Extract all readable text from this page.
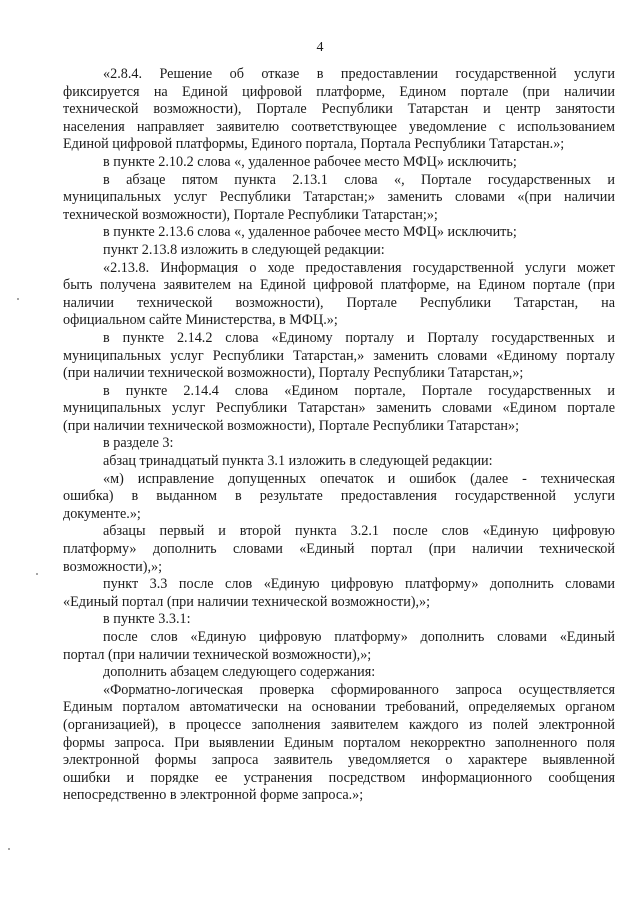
4
«2.8.4. Решение об отказе в предоставлении государственной услуги
фиксируется на Единой цифровой платформе, Едином портале (при наличии
технической возможности), Портале Республики Татарстан и центр занятости
населения направляет заявителю соответствующее уведомление с использованием
Единой цифровой платформы, Единого портала, Портала Республики Татарстан.»;
в пункте 2.10.2 слова «, удаленное рабочее место МФЦ» исключить;
в абзаце пятом пункта 2.13.1 слова «, Портале государственных и
муниципальных услуг Республики Татарстан;» заменить словами «(при наличии
технической возможности), Портале Республики Татарстан;»;
в пункте 2.13.6 слова «, удаленное рабочее место МФЦ» исключить;
пункт 2.13.8 изложить в следующей редакции:
«2.13.8. Информация о ходе предоставления государственной услуги может
быть получена заявителем на Единой цифровой платформе, на Едином портале (при
наличии технической возможности), Портале Республики Татарстан, на
официальном сайте Министерства, в МФЦ.»;
в пункте 2.14.2 слова «Единому порталу и Порталу государственных и
муниципальных услуг Республики Татарстан,» заменить словами «Единому порталу
(при наличии технической возможности), Порталу Республики Татарстан,»;
в пункте 2.14.4 слова «Едином портале, Портале государственных и
муниципальных услуг Республики Татарстан» заменить словами «Едином портале
(при наличии технической возможности), Портале Республики Татарстан»;
в разделе 3:
абзац тринадцатый пункта 3.1 изложить в следующей редакции:
«м) исправление допущенных опечаток и ошибок (далее - техническая
ошибка) в выданном в результате предоставления государственной услуги
документе.»;
абзацы первый и второй пункта 3.2.1 после слов «Единую цифровую
платформу» дополнить словами «Единый портал (при наличии технической
возможности),»;
пункт 3.3 после слов «Единую цифровую платформу» дополнить словами
«Единый портал (при наличии технической возможности),»;
в пункте 3.3.1:
после слов «Единую цифровую платформу» дополнить словами «Единый
портал (при наличии технической возможности),»;
дополнить абзацем следующего содержания:
«Форматно-логическая проверка сформированного запроса осуществляется
Единым порталом автоматически на основании требований, определяемых органом
(организацией), в процессе заполнения заявителем каждого из полей электронной
формы запроса. При выявлении Единым порталом некорректно заполненного поля
электронной формы запроса заявитель уведомляется о характере выявленной
ошибки и порядке ее устранения посредством информационного сообщения
непосредственно в электронной форме запроса.»;
